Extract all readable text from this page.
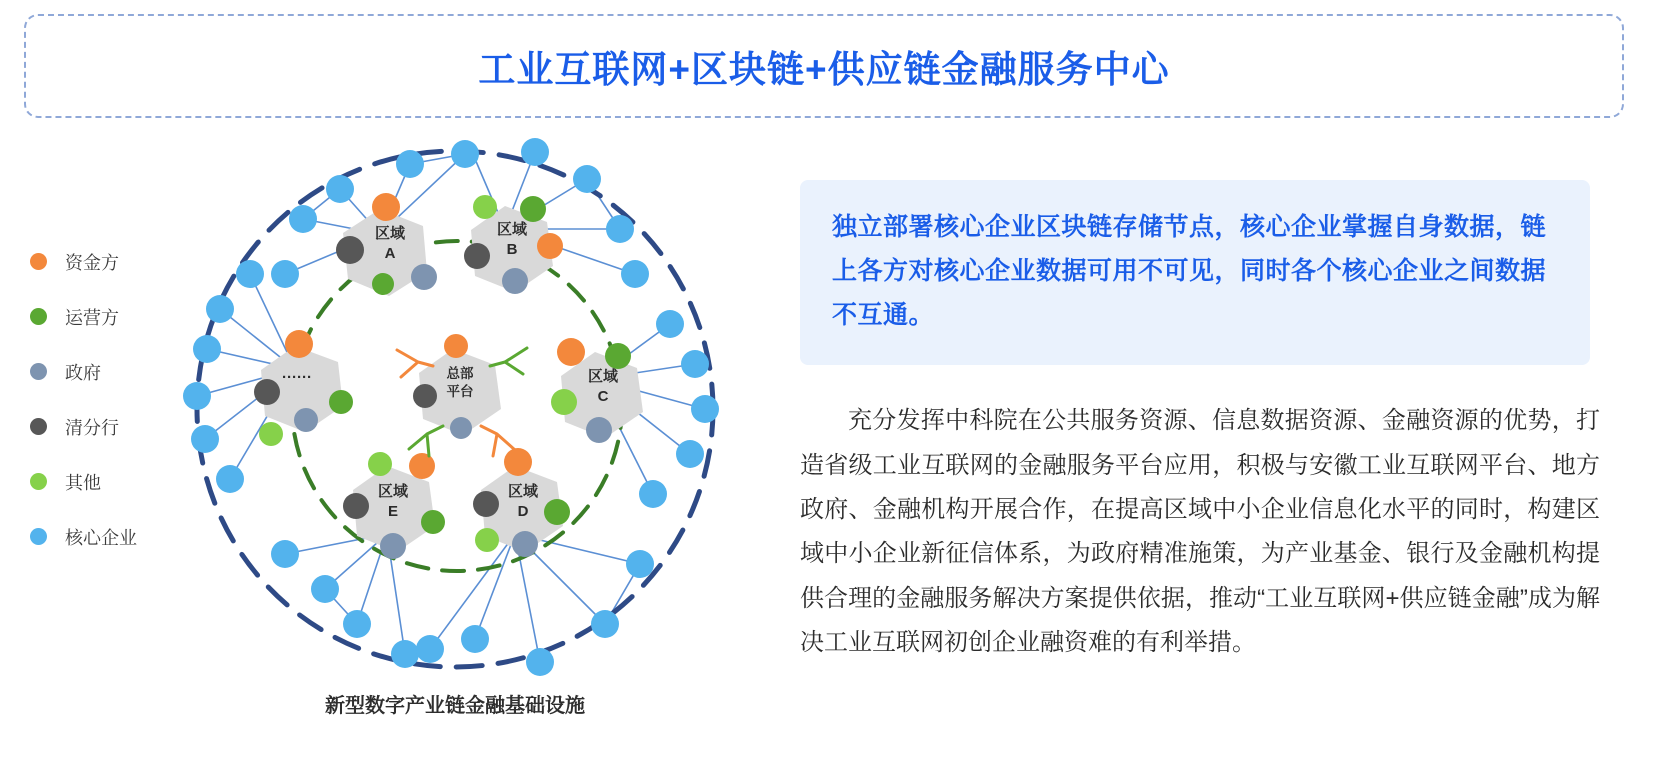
工业互联网+区块链+供应链金融服务中心
资金方
运营方
政府
清分行
其他
核心企业
区域
A
区域
B
······	区域
C
总部
平台
区域
E
区域
D
新型数字产业链金融基础设施

独立部署核心企业区块链存储节点，核心企业掌握自身数据，链上各方对核心企业数据可用不可见，同时各个核心企业之间数据不互通。

充分发挥中科院在公共服务资源、信息数据资源、金融资源的优势，打造省级工业互联网的金融服务平台应用，积极与安徽工业互联网平台、地方政府、金融机构开展合作，在提高区域中小企业信息化水平的同时，构建区域中小企业新征信体系，为政府精准施策，为产业基金、银行及金融机构提供合理的金融服务解决方案提供依据，推动“工业互联网+供应链金融”成为解决工业互联网初创企业融资难的有利举措。
